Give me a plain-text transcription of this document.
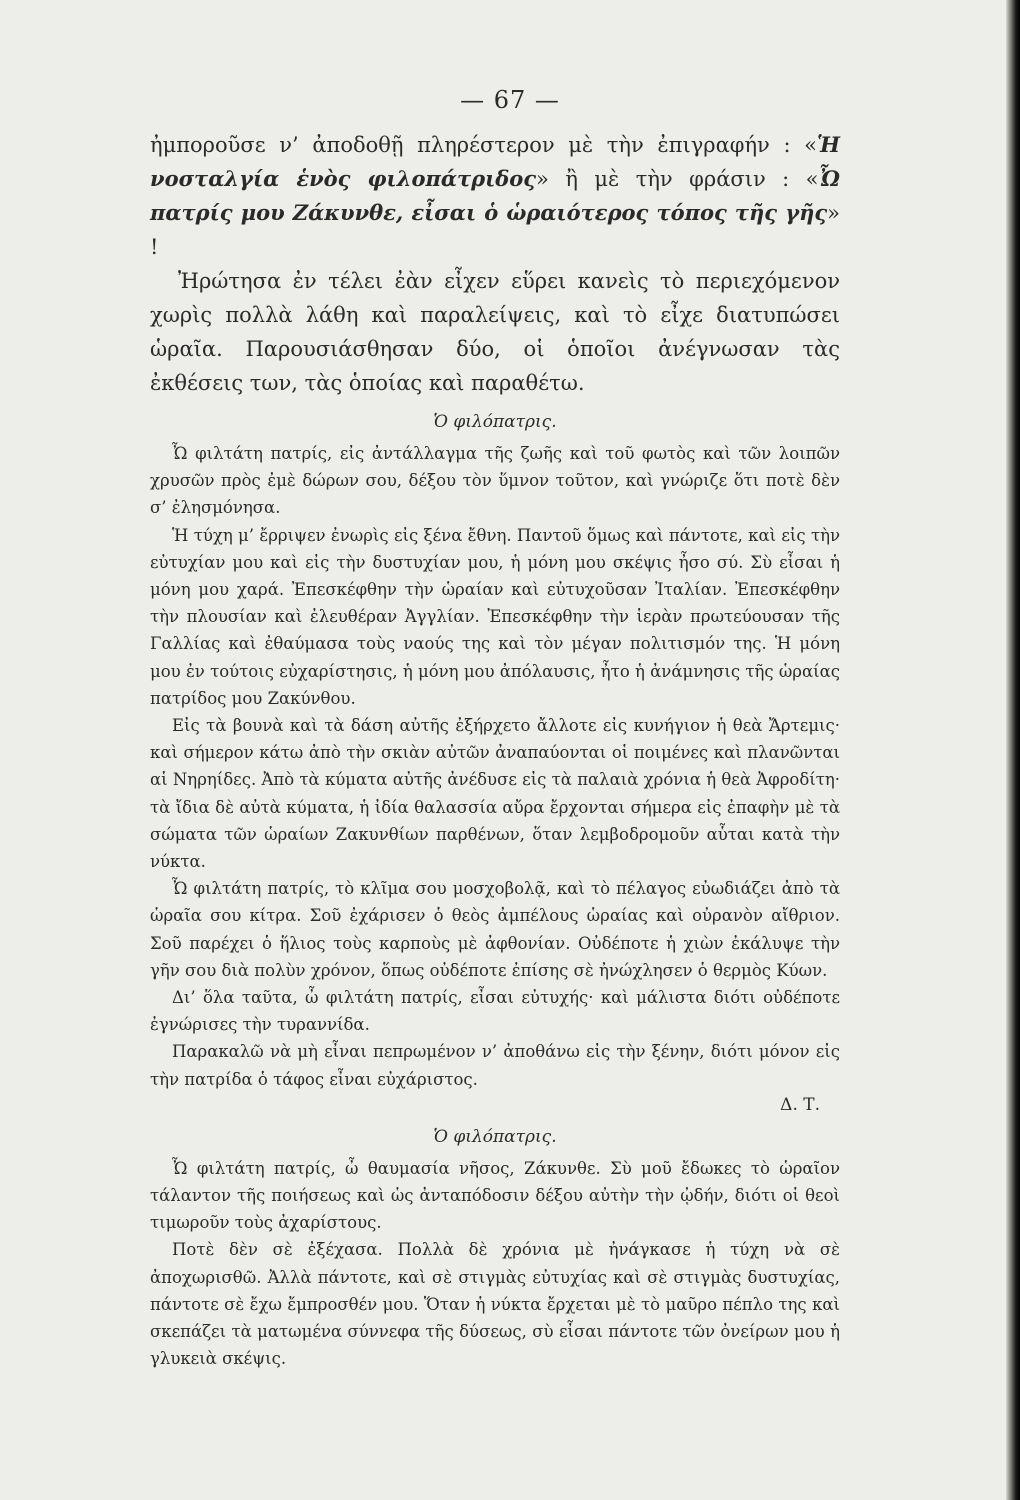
— 67 —

ἠμποροῦσε ν’ ἀποδοθῇ πληρέστερον μὲ τὴν ἐπιγραφήν : «Ἡ νοσταλγία ἑνὸς φιλοπάτριδος» ἢ μὲ τὴν φράσιν : «Ὦ πατρίς μου Ζάκυνθε, εἶσαι ὁ ὡραιότερος τόπος τῆς γῆς» !

Ἠρώτησα ἐν τέλει ἐὰν εἶχεν εὕρει κανεὶς τὸ περιεχόμενον χωρὶς πολλὰ λάθη καὶ παραλείψεις, καὶ τὸ εἶχε διατυπώσει ὡραῖα. Παρουσιάσθησαν δύο, οἱ ὁποῖοι ἀνέγνωσαν τὰς ἐκθέσεις των, τὰς ὁποίας καὶ παραθέτω.

Ὁ φιλόπατρις.

Ὦ φιλτάτη πατρίς, εἰς ἀντάλλαγμα τῆς ζωῆς καὶ τοῦ φωτὸς καὶ τῶν λοιπῶν χρυσῶν πρὸς ἐμὲ δώρων σου, δέξου τὸν ὕμνον τοῦτον, καὶ γνώριζε ὅτι ποτὲ δὲν σ’ ἐλησμόνησα.

Ἡ τύχη μ’ ἔρριψεν ἐνωρὶς εἰς ξένα ἔθνη. Παντοῦ ὅμως καὶ πάντοτε, καὶ εἰς τὴν εὐτυχίαν μου καὶ εἰς τὴν δυστυχίαν μου, ἡ μόνη μου σκέψις ἦσο σύ. Σὺ εἶσαι ἡ μόνη μου χαρά. Ἐπεσκέφθην τὴν ὡραίαν καὶ εὐτυχοῦσαν Ἰταλίαν. Ἐπεσκέφθην τὴν πλουσίαν καὶ ἐλευθέραν Ἀγγλίαν. Ἐπεσκέφθην τὴν ἱερὰν πρωτεύουσαν τῆς Γαλλίας καὶ ἐθαύμασα τοὺς ναούς της καὶ τὸν μέγαν πολιτισμόν της. Ἡ μόνη μου ἐν τούτοις εὐχαρίστησις, ἡ μόνη μου ἀπόλαυσις, ἦτο ἡ ἀνάμνησις τῆς ὡραίας πατρίδος μου Ζακύνθου.

Εἰς τὰ βουνὰ καὶ τὰ δάση αὐτῆς ἐξήρχετο ἄλλοτε εἰς κυνήγιον ἡ θεὰ Ἄρτεμις· καὶ σήμερον κάτω ἀπὸ τὴν σκιὰν αὐτῶν ἀναπαύονται οἱ ποιμένες καὶ πλανῶνται αἱ Νηρηίδες. Ἀπὸ τὰ κύματα αὐτῆς ἀνέδυσε εἰς τὰ παλαιὰ χρόνια ἡ θεὰ Ἀφροδίτη· τὰ ἴδια δὲ αὐτὰ κύματα, ἡ ἰδία θαλασσία αὔρα ἔρχονται σήμερα εἰς ἐπαφὴν μὲ τὰ σώματα τῶν ὡραίων Ζακυνθίων παρθένων, ὅταν λεμβοδρομοῦν αὗται κατὰ τὴν νύκτα.

Ὦ φιλτάτη πατρίς, τὸ κλῖμα σου μοσχοβολᾷ, καὶ τὸ πέλαγος εὐωδιάζει ἀπὸ τὰ ὡραῖα σου κίτρα. Σοῦ ἐχάρισεν ὁ θεὸς ἀμπέλους ὡραίας καὶ οὐρανὸν αἴθριον. Σοῦ παρέχει ὁ ἥλιος τοὺς καρποὺς μὲ ἀφθονίαν. Οὐδέποτε ἡ χιὼν ἐκάλυψε τὴν γῆν σου διὰ πολὺν χρόνον, ὅπως οὐδέποτε ἐπίσης σὲ ἠνώχλησεν ὁ θερμὸς Κύων.

Δι’ ὅλα ταῦτα, ὦ φιλτάτη πατρίς, εἶσαι εὐτυχής· καὶ μάλιστα διότι οὐδέποτε ἐγνώρισες τὴν τυραννίδα.

Παρακαλῶ νὰ μὴ εἶναι πεπρωμένον ν’ ἀποθάνω εἰς τὴν ξένην, διότι μόνον εἰς τὴν πατρίδα ὁ τάφος εἶναι εὐχάριστος.

Δ. Τ.
Ὁ φιλόπατρις.

Ὦ φιλτάτη πατρίς, ὦ θαυμασία νῆσος, Ζάκυνθε. Σὺ μοῦ ἔδωκες τὸ ὡραῖον τάλαντον τῆς ποιήσεως καὶ ὡς ἀνταπόδοσιν δέξου αὐτὴν τὴν ᾠδήν, διότι οἱ θεοὶ τιμωροῦν τοὺς ἀχαρίστους.

Ποτὲ δὲν σὲ ἐξέχασα. Πολλὰ δὲ χρόνια μὲ ἠνάγκασε ἡ τύχη νὰ σὲ ἀποχωρισθῶ. Ἀλλὰ πάντοτε, καὶ σὲ στιγμὰς εὐτυχίας καὶ σὲ στιγμὰς δυστυχίας, πάντοτε σὲ ἔχω ἔμπροσθέν μου. Ὅταν ἡ νύκτα ἔρχεται μὲ τὸ μαῦρο πέπλο της καὶ σκεπάζει τὰ ματωμένα σύννεφα τῆς δύσεως, σὺ εἶσαι πάντοτε τῶν ὀνείρων μου ἡ γλυκειὰ σκέψις.
